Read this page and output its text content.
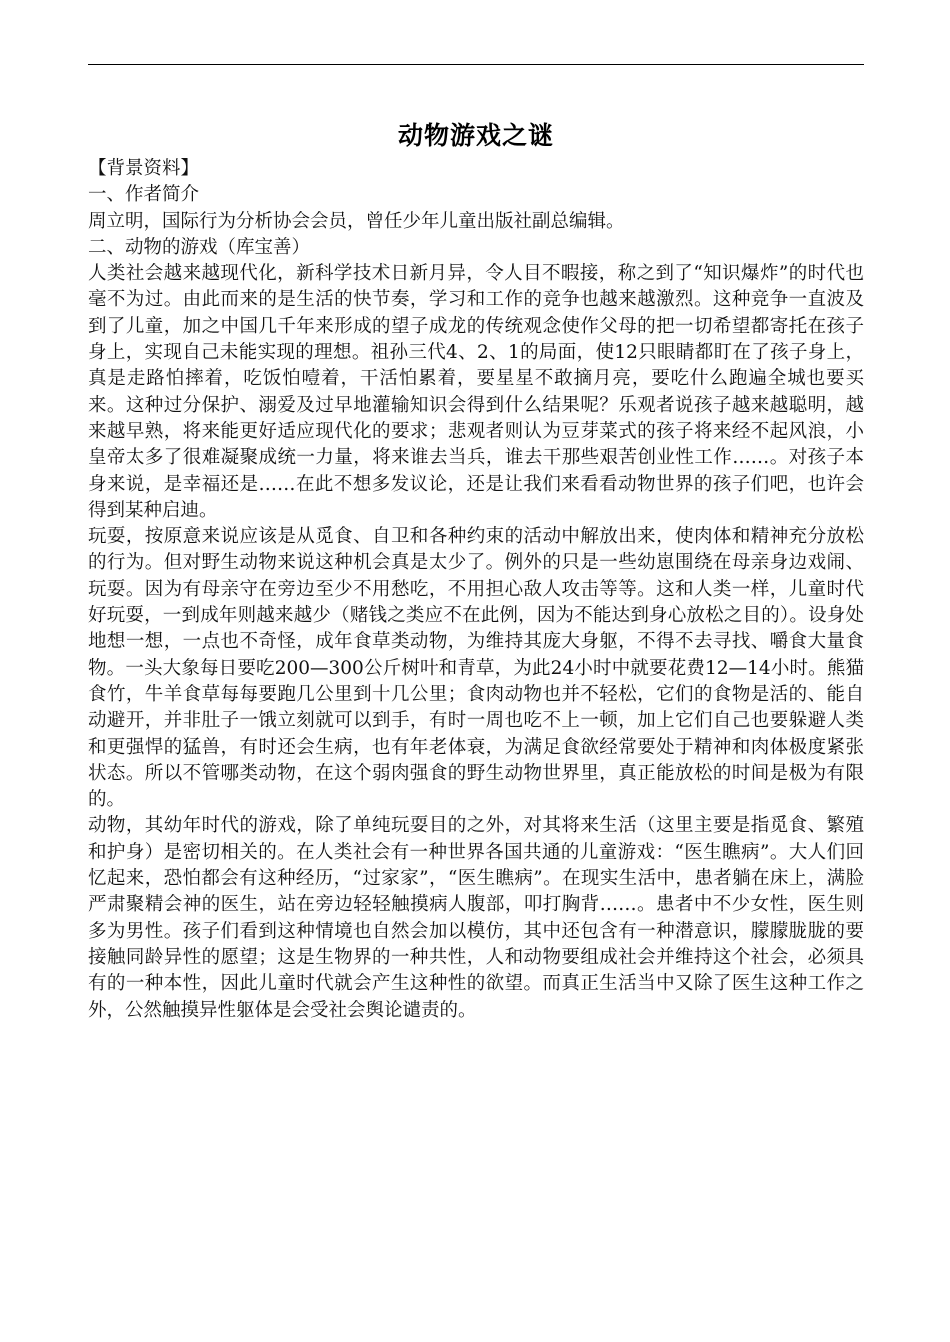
动物游戏之谜

【背景资料】

一、作者简介

周立明，国际行为分析协会会员，曾任少年儿童出版社副总编辑。

二、动物的游戏（库宝善）

人类社会越来越现代化，新科学技术日新月异，令人目不暇接，称之到了“知识爆炸”的时代也毫不为过。由此而来的是生活的快节奏，学习和工作的竞争也越来越激烈。这种竞争一直波及到了儿童，加之中国几千年来形成的望子成龙的传统观念使作父母的把一切希望都寄托在孩子身上，实现自己未能实现的理想。祖孙三代4、2、1的局面，使12只眼睛都盯在了孩子身上，真是走路怕摔着，吃饭怕噎着，干活怕累着，要星星不敢摘月亮，要吃什么跑遍全城也要买来。这种过分保护、溺爱及过早地灌输知识会得到什么结果呢？乐观者说孩子越来越聪明，越来越早熟，将来能更好适应现代化的要求；悲观者则认为豆芽菜式的孩子将来经不起风浪，小皇帝太多了很难凝聚成统一力量，将来谁去当兵，谁去干那些艰苦创业性工作……。对孩子本身来说，是幸福还是……在此不想多发议论，还是让我们来看看动物世界的孩子们吧，也许会得到某种启迪。

玩耍，按原意来说应该是从觅食、自卫和各种约束的活动中解放出来，使肉体和精神充分放松的行为。但对野生动物来说这种机会真是太少了。例外的只是一些幼崽围绕在母亲身边戏闹、玩耍。因为有母亲守在旁边至少不用愁吃，不用担心敌人攻击等等。这和人类一样，儿童时代好玩耍，一到成年则越来越少（赌钱之类应不在此例，因为不能达到身心放松之目的）。设身处地想一想，一点也不奇怪，成年食草类动物，为维持其庞大身躯，不得不去寻找、嚼食大量食物。一头大象每日要吃200—300公斤树叶和青草，为此24小时中就要花费12—14小时。熊猫食竹，牛羊食草每每要跑几公里到十几公里；食肉动物也并不轻松，它们的食物是活的、能自动避开，并非肚子一饿立刻就可以到手，有时一周也吃不上一顿，加上它们自己也要躲避人类和更强悍的猛兽，有时还会生病，也有年老体衰，为满足食欲经常要处于精神和肉体极度紧张状态。所以不管哪类动物，在这个弱肉强食的野生动物世界里，真正能放松的时间是极为有限的。

动物，其幼年时代的游戏，除了单纯玩耍目的之外，对其将来生活（这里主要是指觅食、繁殖和护身）是密切相关的。在人类社会有一种世界各国共通的儿童游戏：“医生瞧病”。大人们回忆起来，恐怕都会有这种经历，“过家家”，“医生瞧病”。在现实生活中，患者躺在床上，满脸严肃聚精会神的医生，站在旁边轻轻触摸病人腹部，叩打胸背……。患者中不少女性，医生则多为男性。孩子们看到这种情境也自然会加以模仿，其中还包含有一种潜意识，朦朦胧胧的要接触同龄异性的愿望；这是生物界的一种共性，人和动物要组成社会并维持这个社会，必须具有的一种本性，因此儿童时代就会产生这种性的欲望。而真正生活当中又除了医生这种工作之外，公然触摸异性躯体是会受社会舆论谴责的。
